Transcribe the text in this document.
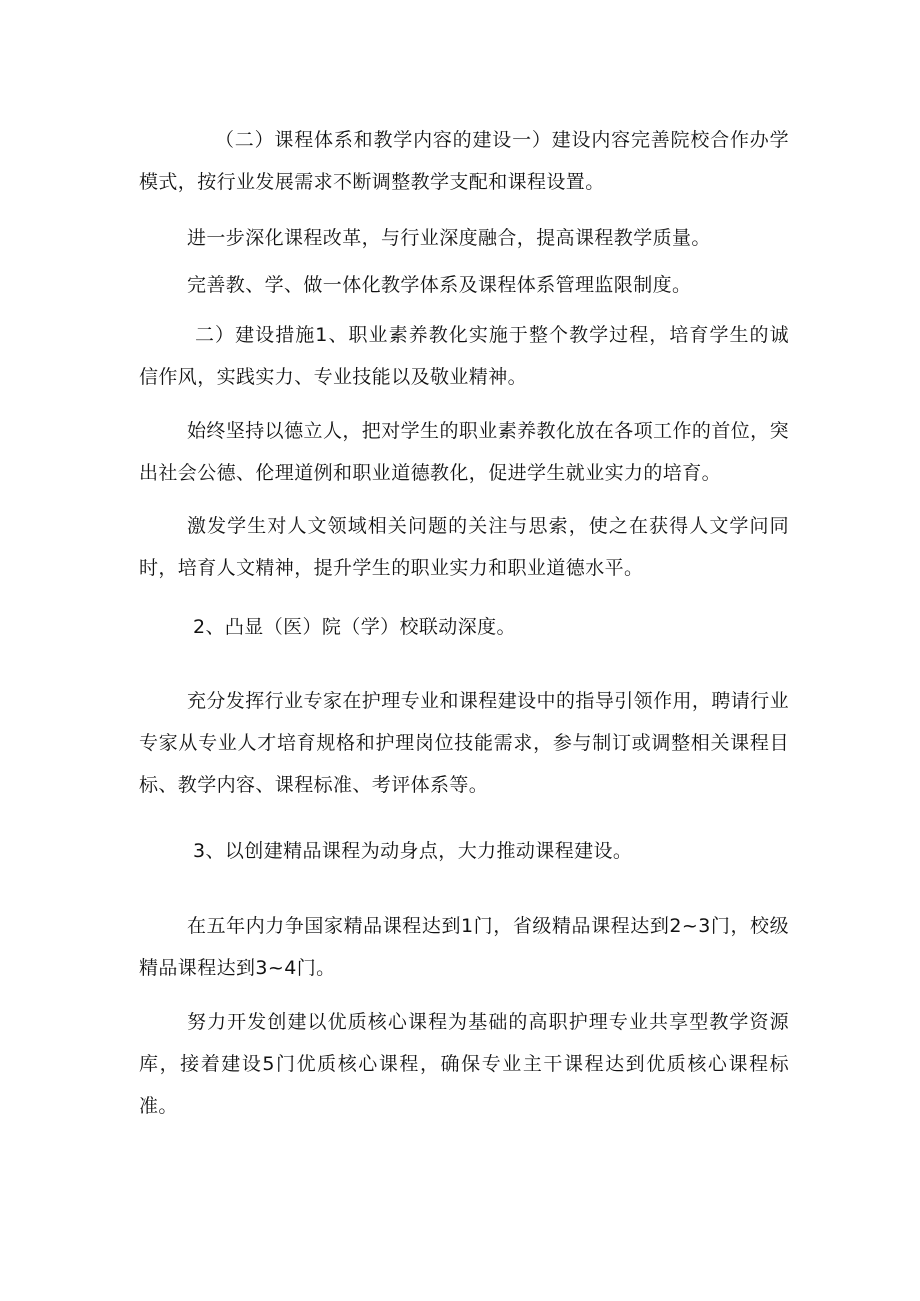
（二）课程体系和教学内容的建设一）建设内容完善院校合作办学模式，按行业发展需求不断调整教学支配和课程设置。

进一步深化课程改革，与行业深度融合，提高课程教学质量。

完善教、学、做一体化教学体系及课程体系管理监限制度。

二）建设措施1、职业素养教化实施于整个教学过程，培育学生的诚信作风，实践实力、专业技能以及敬业精神。

始终坚持以德立人，把对学生的职业素养教化放在各项工作的首位，突出社会公德、伦理道例和职业道德教化，促进学生就业实力的培育。

激发学生对人文领域相关问题的关注与思索，使之在获得人文学问同时，培育人文精神，提升学生的职业实力和职业道德水平。

2、凸显（医）院（学）校联动深度。

充分发挥行业专家在护理专业和课程建设中的指导引领作用，聘请行业专家从专业人才培育规格和护理岗位技能需求，参与制订或调整相关课程目标、教学内容、课程标准、考评体系等。

3、以创建精品课程为动身点，大力推动课程建设。

在五年内力争国家精品课程达到1门，省级精品课程达到2~3门，校级精品课程达到3~4门。

努力开发创建以优质核心课程为基础的高职护理专业共享型教学资源库，接着建设5门优质核心课程，确保专业主干课程达到优质核心课程标准。
